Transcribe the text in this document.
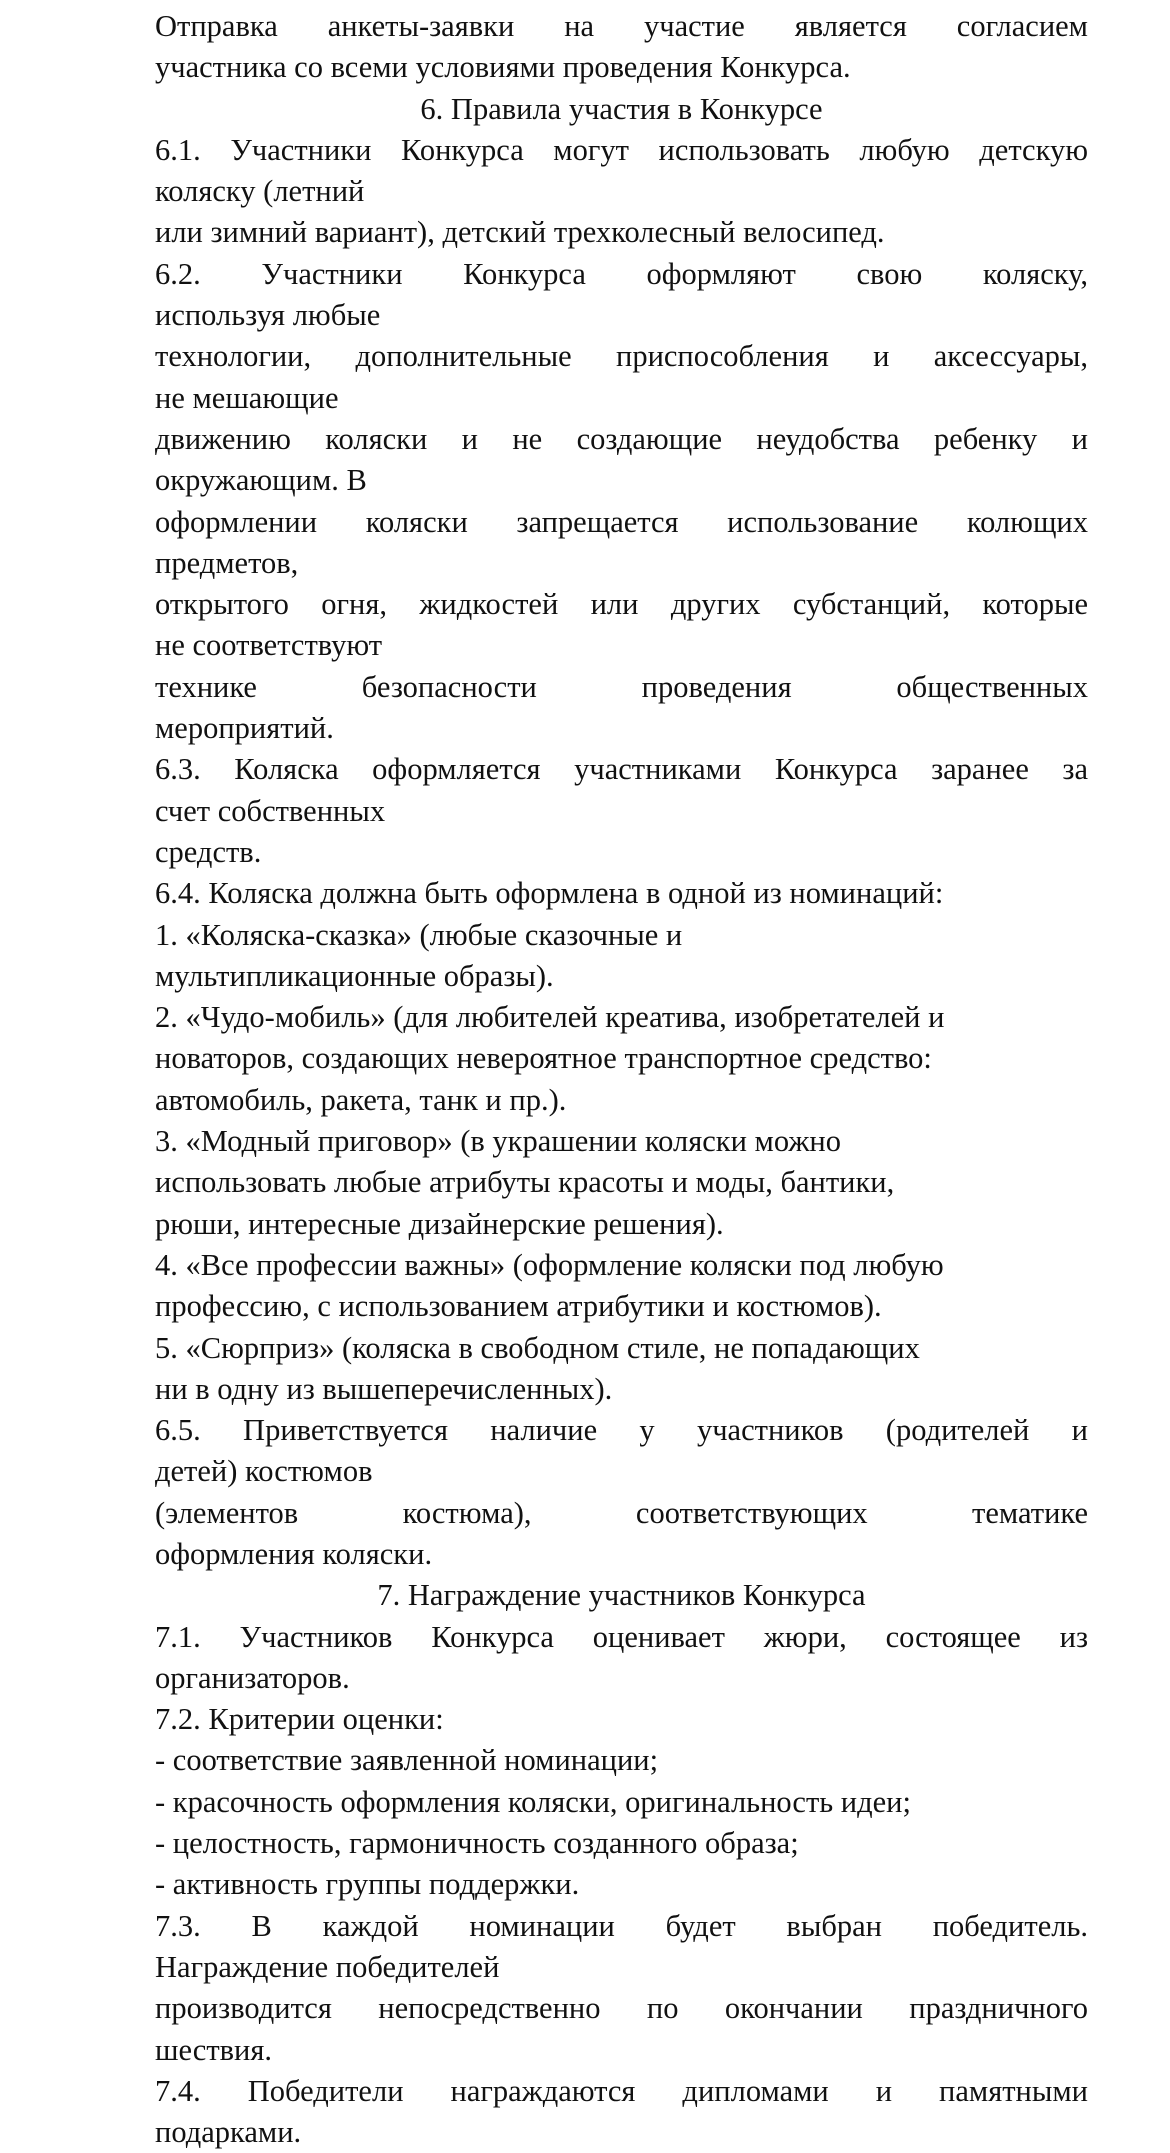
Отправка анкеты-заявки на участие является согласием
участника со всеми условиями проведения Конкурса.
6. Правила участия в Конкурсе
6.1. Участники Конкурса могут использовать любую детскую
коляску (летний
или зимний вариант), детский трехколесный велосипед.
6.2. Участники Конкурса оформляют свою коляску,
используя любые
технологии, дополнительные приспособления и аксессуары,
не мешающие
движению коляски и не создающие неудобства ребенку и
окружающим. В
оформлении коляски запрещается использование колющих
предметов,
открытого огня, жидкостей или других субстанций, которые
не соответствуют
технике безопасности проведения общественных
мероприятий.
6.3. Коляска оформляется участниками Конкурса заранее за
счет собственных
средств.
6.4. Коляска должна быть оформлена в одной из номинаций:
1. «Коляска-сказка» (любые сказочные и
мультипликационные образы).
2. «Чудо-мобиль» (для любителей креатива, изобретателей и
новаторов, создающих невероятное транспортное средство:
автомобиль, ракета, танк и пр.).
3. «Модный приговор» (в украшении коляски можно
использовать любые атрибуты красоты и моды, бантики,
рюши, интересные дизайнерские решения).
4. «Все профессии важны» (оформление коляски под любую
профессию, с использованием атрибутики и костюмов).
5. «Сюрприз» (коляска в свободном стиле, не попадающих
ни в одну из вышеперечисленных).
6.5. Приветствуется наличие у участников (родителей и
детей) костюмов
(элементов костюма), соответствующих тематике
оформления коляски.
7. Награждение участников Конкурса
7.1. Участников Конкурса оценивает жюри, состоящее из
организаторов.
7.2. Критерии оценки:
- соответствие заявленной номинации;
- красочность оформления коляски, оригинальность идеи;
- целостность, гармоничность созданного образа;
- активность группы поддержки.
7.3. В каждой номинации будет выбран победитель.
Награждение победителей
производится непосредственно по окончании праздничного
шествия.
7.4. Победители награждаются дипломами и памятными
подарками.
